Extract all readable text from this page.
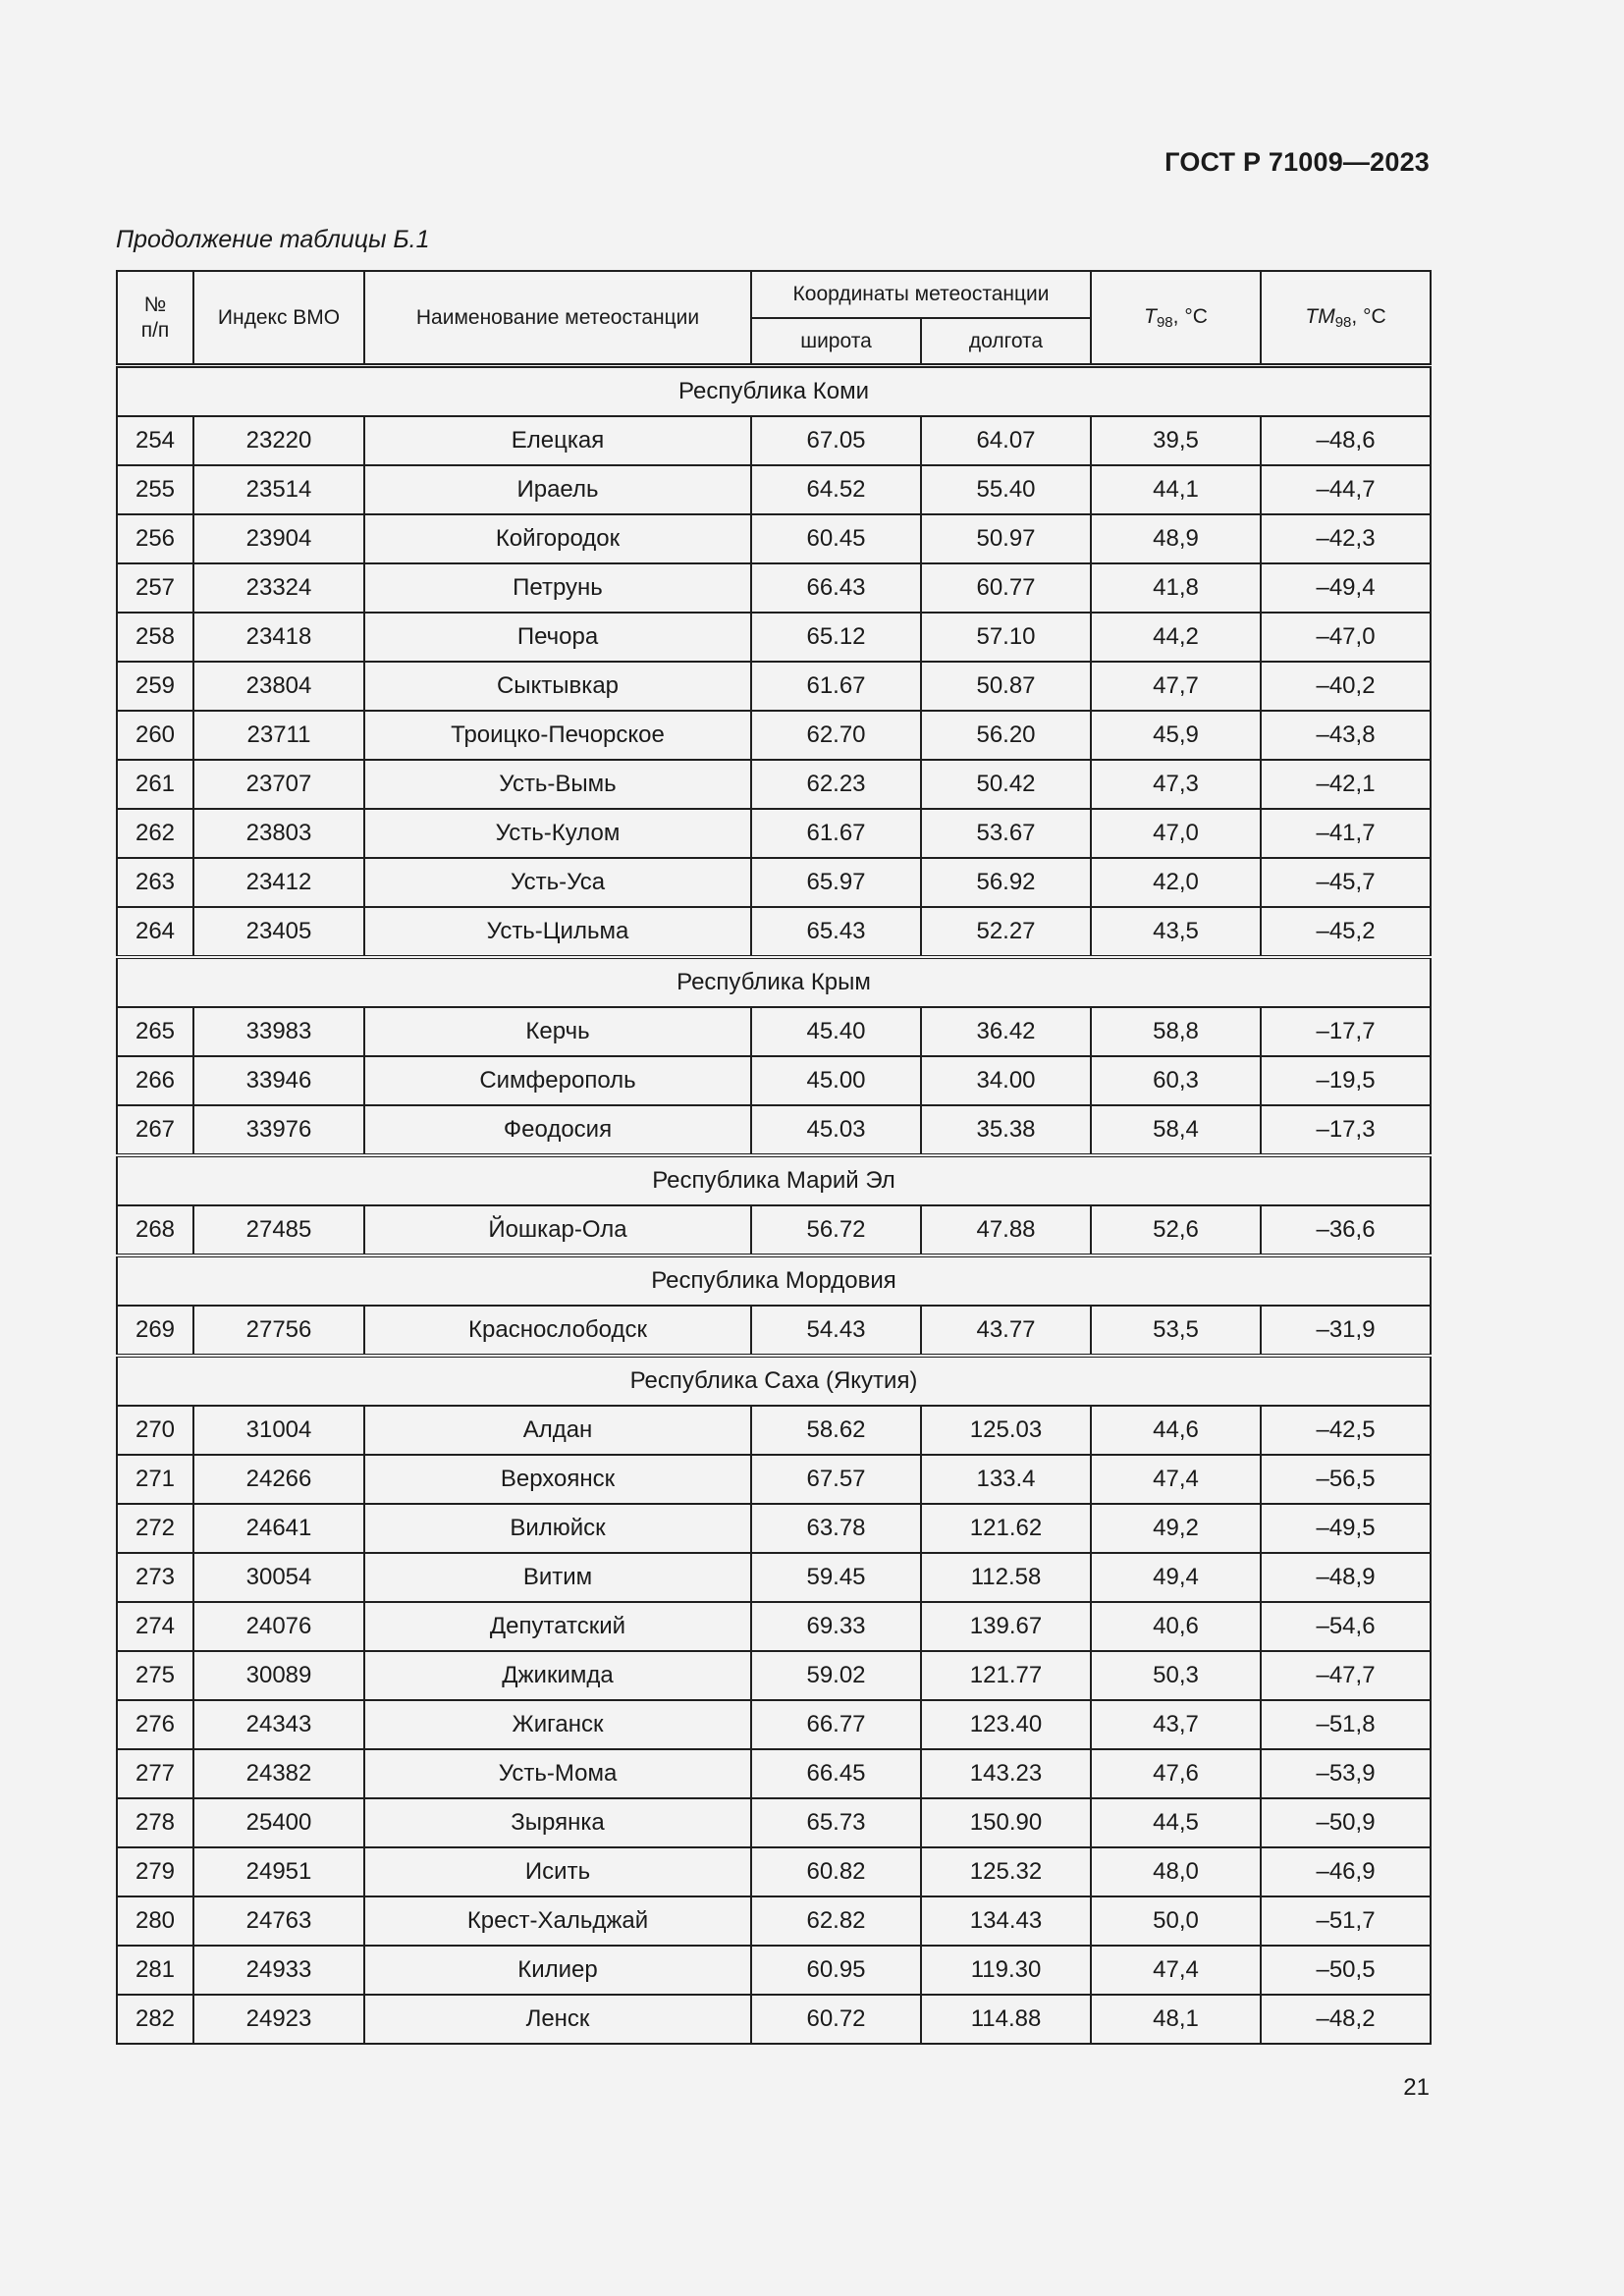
ГОСТ Р 71009—2023
Продолжение таблицы Б.1
№ п/п	Индекс ВМО	Наименование метеостанции	Координаты метеостанции		$T_{98}$, °C	$TM_{98}$, °C
			широта	долгота		
Республика Коми						
254	23220	Елецкая	67.05	64.07	39,5	–48,6
255	23514	Ираель	64.52	55.40	44,1	–44,7
256	23904	Койгородок	60.45	50.97	48,9	–42,3
257	23324	Петрунь	66.43	60.77	41,8	–49,4
258	23418	Печора	65.12	57.10	44,2	–47,0
259	23804	Сыктывкар	61.67	50.87	47,7	–40,2
260	23711	Троицко-Печорское	62.70	56.20	45,9	–43,8
261	23707	Усть-Вымь	62.23	50.42	47,3	–42,1
262	23803	Усть-Кулом	61.67	53.67	47,0	–41,7
263	23412	Усть-Уса	65.97	56.92	42,0	–45,7
264	23405	Усть-Цильма	65.43	52.27	43,5	–45,2
Республика Крым						
265	33983	Керчь	45.40	36.42	58,8	–17,7
266	33946	Симферополь	45.00	34.00	60,3	–19,5
267	33976	Феодосия	45.03	35.38	58,4	–17,3
Республика Марий Эл						
268	27485	Йошкар-Ола	56.72	47.88	52,6	–36,6
Республика Мордовия						
269	27756	Краснослободск	54.43	43.77	53,5	–31,9
Республика Саха (Якутия)						
270	31004	Алдан	58.62	125.03	44,6	–42,5
271	24266	Верхоянск	67.57	133.4	47,4	–56,5
272	24641	Вилюйск	63.78	121.62	49,2	–49,5
273	30054	Витим	59.45	112.58	49,4	–48,9
274	24076	Депутатский	69.33	139.67	40,6	–54,6
275	30089	Джикимда	59.02	121.77	50,3	–47,7
276	24343	Жиганск	66.77	123.40	43,7	–51,8
277	24382	Усть-Мома	66.45	143.23	47,6	–53,9
278	25400	Зырянка	65.73	150.90	44,5	–50,9
279	24951	Исить	60.82	125.32	48,0	–46,9
280	24763	Крест-Хальджай	62.82	134.43	50,0	–51,7
281	24933	Килиер	60.95	119.30	47,4	–50,5
282	24923	Ленск	60.72	114.88	48,1	–48,2
21
